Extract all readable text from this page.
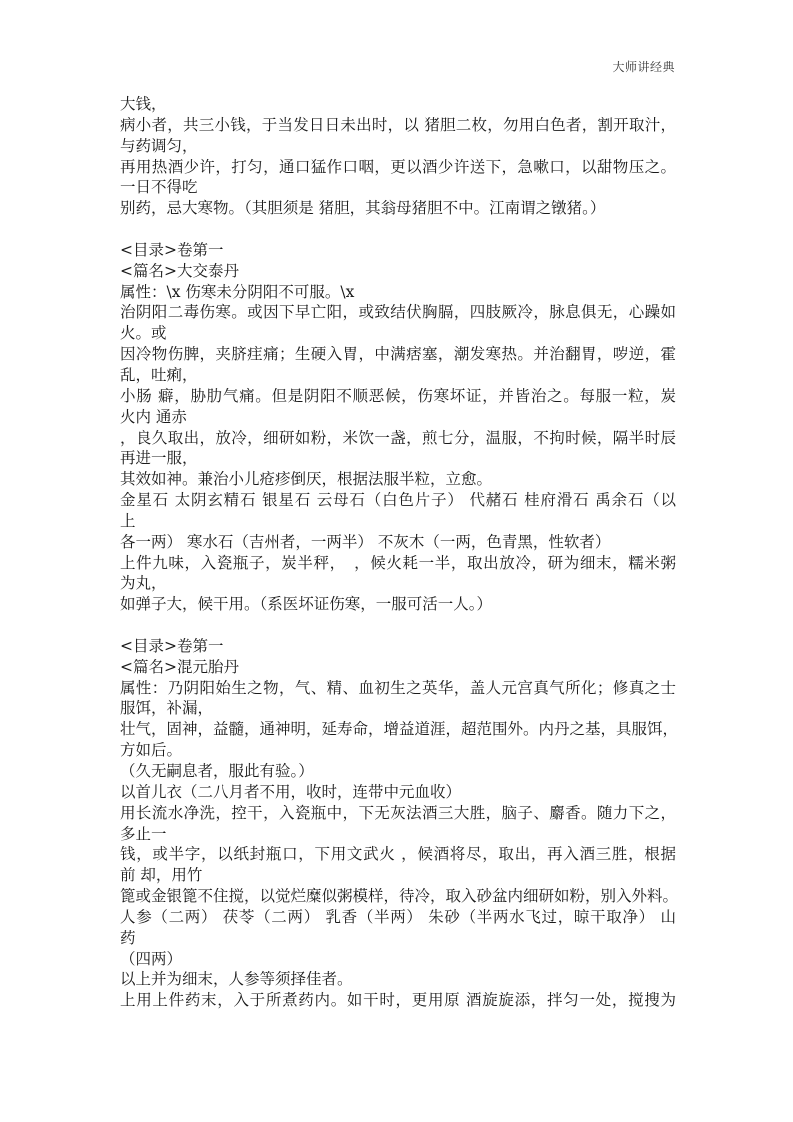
大师讲经典
大钱，
病小者，共三小钱，于当发日日未出时，以 猪胆二枚，勿用白色者，割开取汁，
与药调匀，
再用热酒少许，打匀，通口猛作口咽，更以酒少许送下，急嗽口，以甜物压之。
一日不得吃
别药，忌大寒物。（其胆须是 猪胆，其翁母猪胆不中。江南谓之镦猪。）
<目录>卷第一
<篇名>大交泰丹
属性：\x 伤寒未分阴阳不可服。\x
治阴阳二毒伤寒。或因下早亡阳，或致结伏胸膈，四肢厥冷，脉息俱无，心躁如
火。或
因冷物伤脾，夹脐疰痛；生硬入胃，中满痞塞，潮发寒热。并治翻胃，哕逆，霍
乱，吐痢，
小肠 癖，胁肋气痛。但是阴阳不顺恶候，伤寒坏证，并皆治之。每服一粒，炭
火内 通赤
，良久取出，放冷，细研如粉，米饮一盏，煎七分，温服，不拘时候，隔半时辰
再进一服，
其效如神。兼治小儿疮疹倒厌，根据法服半粒，立愈。
金星石 太阴玄精石 银星石 云母石（白色片子） 代赭石 桂府滑石 禹余石（以
上
各一两） 寒水石（吉州者，一两半） 不灰木（一两，色青黑，性软者）
上件九味，入瓷瓶子，炭半秤，　，候火耗一半，取出放冷，研为细末，糯米粥
为丸，
如弹子大，候干用。（系医坏证伤寒，一服可活一人。）
<目录>卷第一
<篇名>混元胎丹
属性：乃阴阳始生之物，气、精、血初生之英华，盖人元宫真气所化；修真之士
服饵，补漏，
壮气，固神，益髓，通神明，延寿命，增益道涯，超范围外。内丹之基，具服饵，
方如后。
（久无嗣息者，服此有验。）
以首儿衣（二八月者不用，收时，连带中元血收）
用长流水净洗，控干，入瓷瓶中，下无灰法酒三大胜，脑子、麝香。随力下之，
多止一
钱，或半字，以纸封瓶口，下用文武火 ，候酒将尽，取出，再入酒三胜，根据
前 却，用竹
篦或金银篦不住搅，以觉烂糜似粥模样，待冷，取入砂盆内细研如粉，别入外料。
人参（二两） 茯苓（二两） 乳香（半两） 朱砂（半两水飞过，晾干取净） 山
药
（四两）
以上并为细末，人参等须择佳者。
上用上件药末，入于所煮药内。如干时，更用原 酒旋旋添，拌匀一处，搅搜为
